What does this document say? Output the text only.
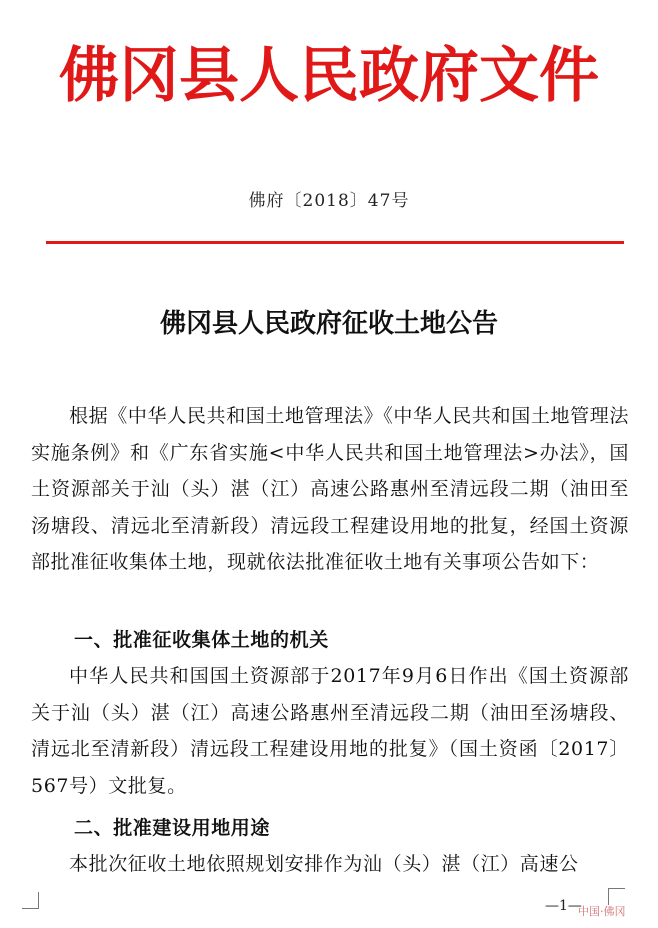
佛冈县人民政府文件
佛府〔2018〕47号
佛冈县人民政府征收土地公告
根据《中华人民共和国土地管理法》《中华人民共和国土地管理法实施条例》和《广东省实施<中华人民共和国土地管理法>办法》，国土资源部关于汕（头）湛（江）高速公路惠州至清远段二期（油田至汤塘段、清远北至清新段）清远段工程建设用地的批复，经国土资源部批准征收集体土地，现就依法批准征收土地有关事项公告如下：
一、批准征收集体土地的机关
中华人民共和国国土资源部于2017年9月6日作出《国土资源部关于汕（头）湛（江）高速公路惠州至清远段二期（油田至汤塘段、清远北至清新段）清远段工程建设用地的批复》（国土资函〔2017〕567号）文批复。
二、批准建设用地用途
本批次征收土地依照规划安排作为汕（头）湛（江）高速公
—1—
中国·佛冈
